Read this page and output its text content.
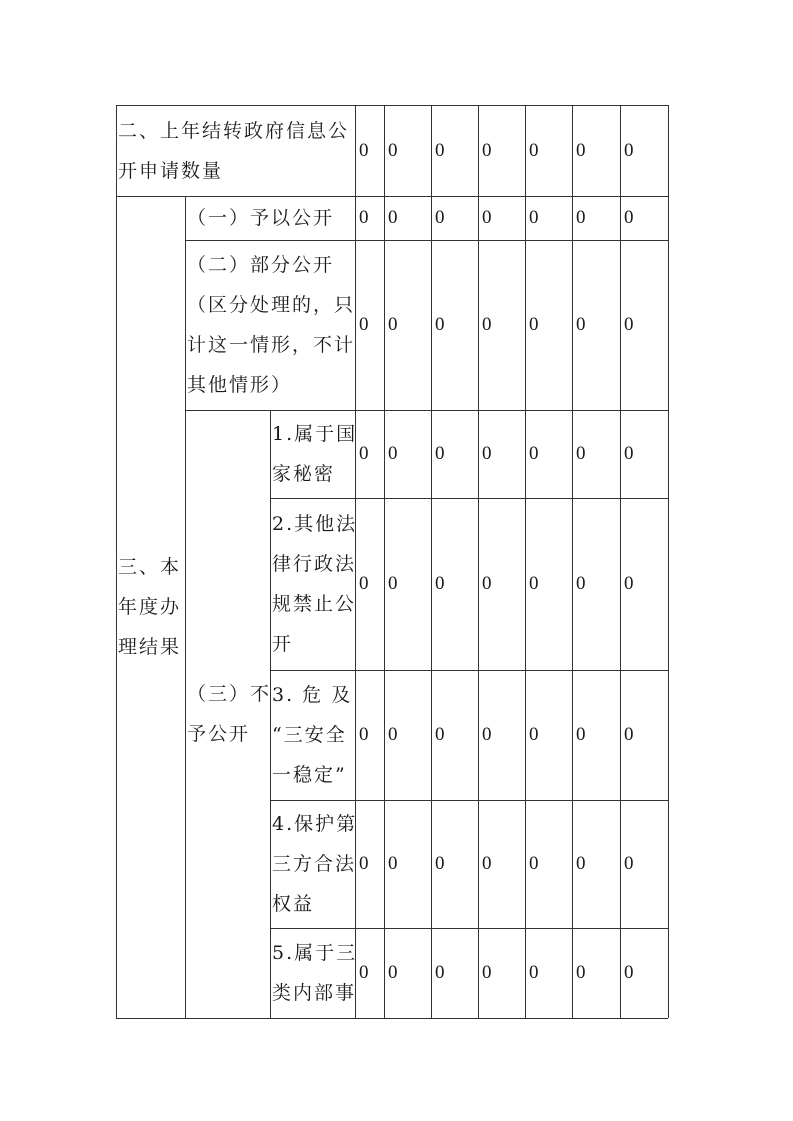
二、上年结转政府信息公
开申请数量
三、本
年度办
理结果
（一）予以公开
（二）部分公开
（区分处理的，只
计这一情形，不计
其他情形）
（三）不
予公开
1.属于国
家秘密
2.其他法
律行政法
规禁止公
开
3. 危 及
“三安全
一稳定”
4.保护第
三方合法
权益
5.属于三
类内部事
0 0 0 0 0 0 0
0 0 0 0 0 0 0
0 0 0 0 0 0 0
0 0 0 0 0 0 0
0 0 0 0 0 0 0
0 0 0 0 0 0 0
0 0 0 0 0 0 0
0 0 0 0 0 0 0
